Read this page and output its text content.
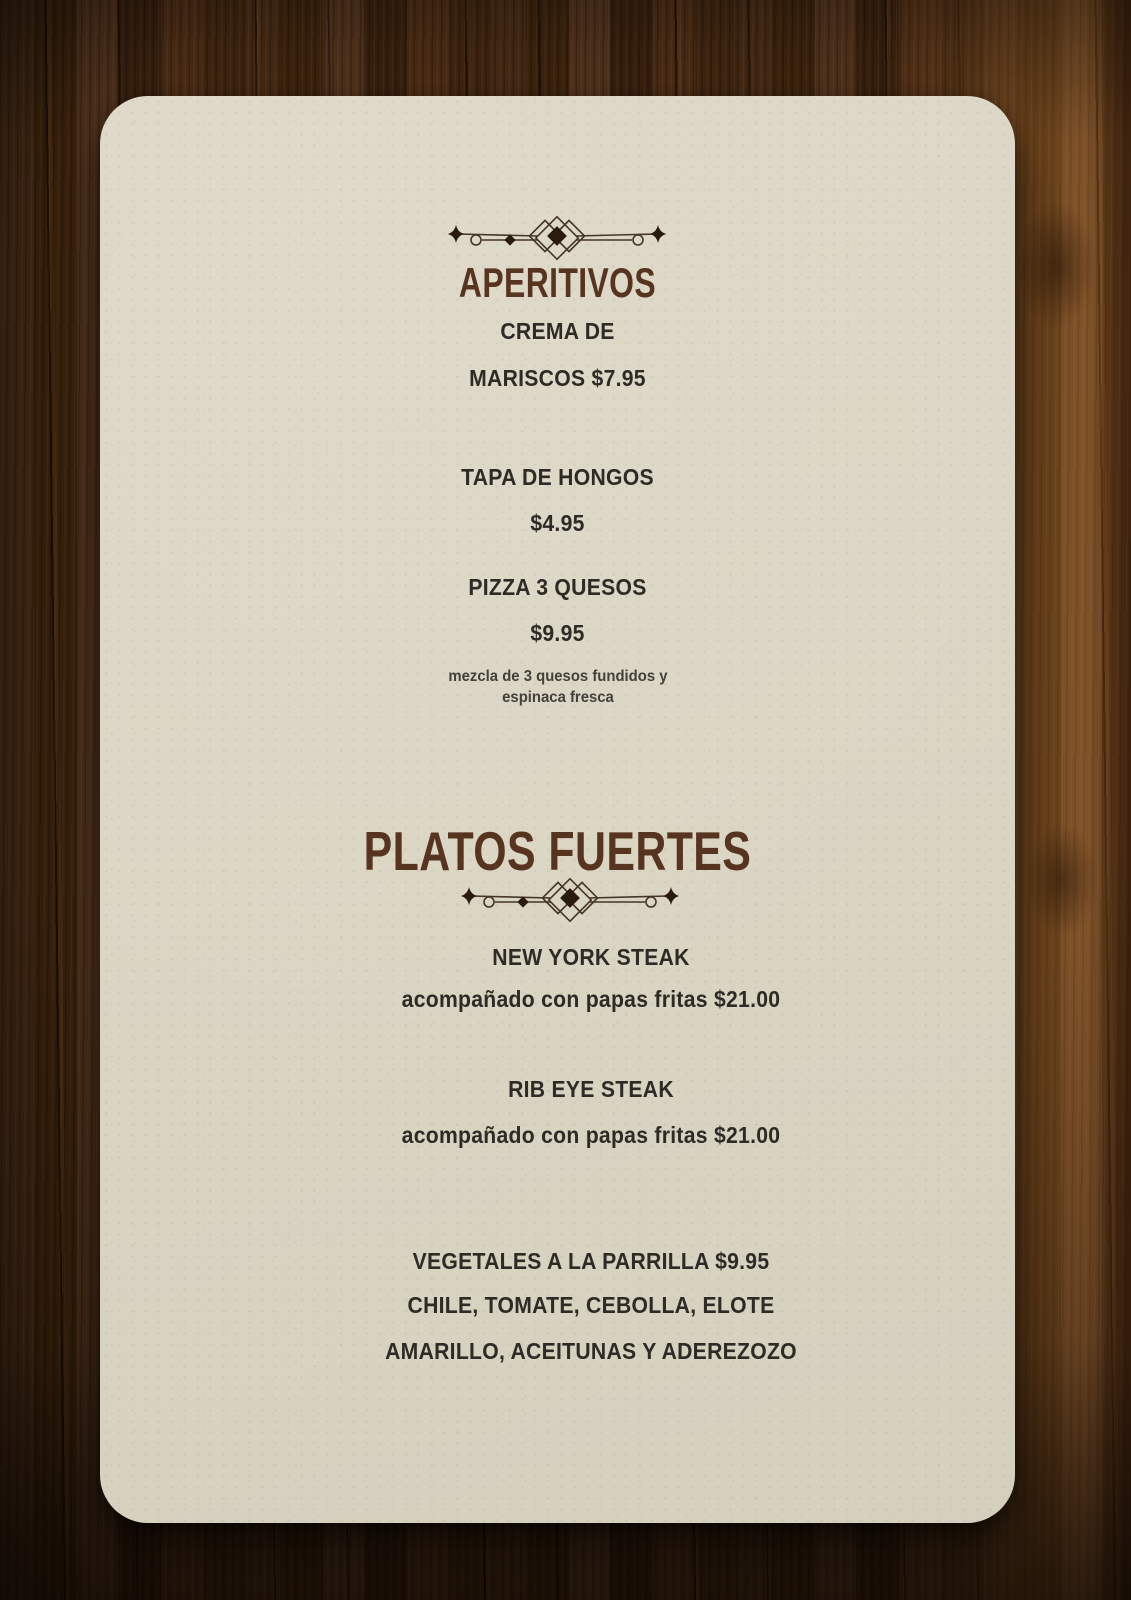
APERITIVOS
CREMA DE
MARISCOS $7.95
TAPA DE HONGOS
$4.95
PIZZA 3 QUESOS
$9.95
mezcla de 3 quesos fundidos y espinaca fresca
PLATOS FUERTES
NEW YORK STEAK
acompañado con papas fritas $21.00
RIB EYE STEAK
acompañado con papas fritas $21.00
VEGETALES A LA PARRILLA $9.95
CHILE, TOMATE, CEBOLLA, ELOTE
AMARILLO, ACEITUNAS Y ADEREZOZO
